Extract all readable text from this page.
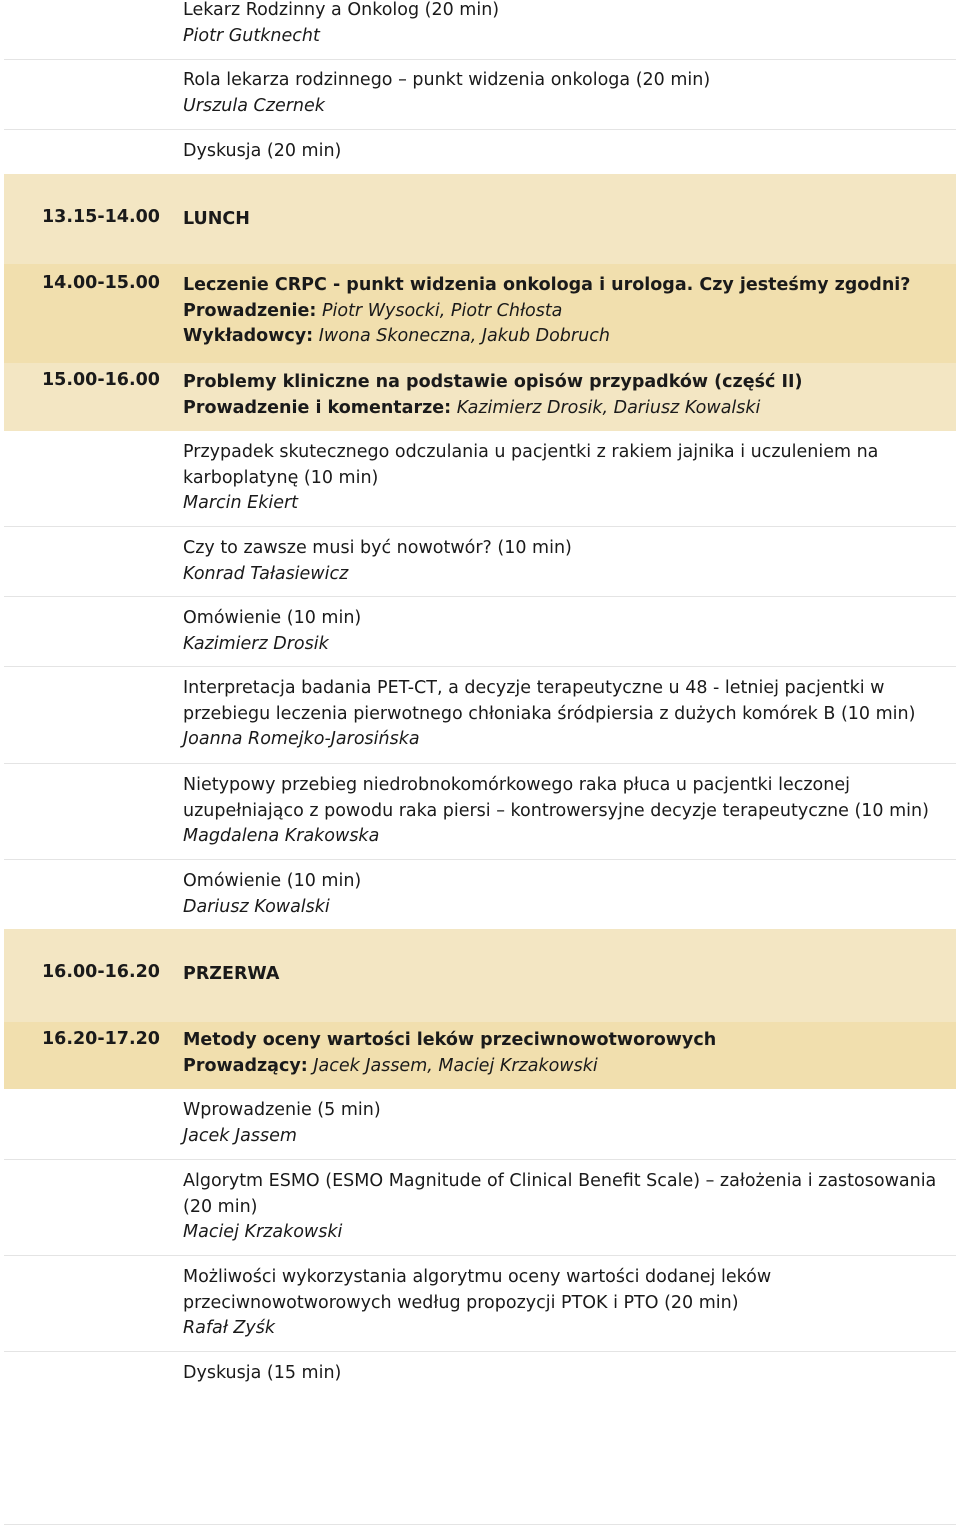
Lekarz Rodzinny a Onkolog (20 min)
Piotr Gutknecht
Rola lekarza rodzinnego – punkt widzenia onkologa (20 min)
Urszula Czernek
Dyskusja (20 min)
13.15-14.00 LUNCH
14.00-15.00 Leczenie CRPC - punkt widzenia onkologa i urologa. Czy jesteśmy zgodni?
Prowadzenie: Piotr Wysocki, Piotr Chłosta
Wykładowcy: Iwona Skoneczna, Jakub Dobruch
15.00-16.00 Problemy kliniczne na podstawie opisów przypadków (część II)
Prowadzenie i komentarze: Kazimierz Drosik, Dariusz Kowalski
Przypadek skutecznego odczulania u pacjentki z rakiem jajnika i uczuleniem na
karboplatynę (10 min)
Marcin Ekiert
Czy to zawsze musi być nowotwór? (10 min)
Konrad Tałasiewicz
Omówienie (10 min)
Kazimierz Drosik
Interpretacja badania PET-CT, a decyzje terapeutyczne u 48 - letniej pacjentki w
przebiegu leczenia pierwotnego chłoniaka śródpiersia z dużych komórek B (10 min)
Joanna Romejko-Jarosińska
Nietypowy przebieg niedrobnokomórkowego raka płuca u pacjentki leczonej
uzupełniająco z powodu raka piersi – kontrowersyjne decyzje terapeutyczne (10 min)
Magdalena Krakowska
Omówienie (10 min)
Dariusz Kowalski
16.00-16.20 PRZERWA
16.20-17.20 Metody oceny wartości leków przeciwnowotworowych
Prowadzący: Jacek Jassem, Maciej Krzakowski
Wprowadzenie (5 min)
Jacek Jassem
Algorytm ESMO (ESMO Magnitude of Clinical Benefit Scale) – założenia i zastosowania
(20 min)
Maciej Krzakowski
Możliwości wykorzystania algorytmu oceny wartości dodanej leków
przeciwnowotworowych według propozycji PTOK i PTO (20 min)
Rafał Zyśk
Dyskusja (15 min)
